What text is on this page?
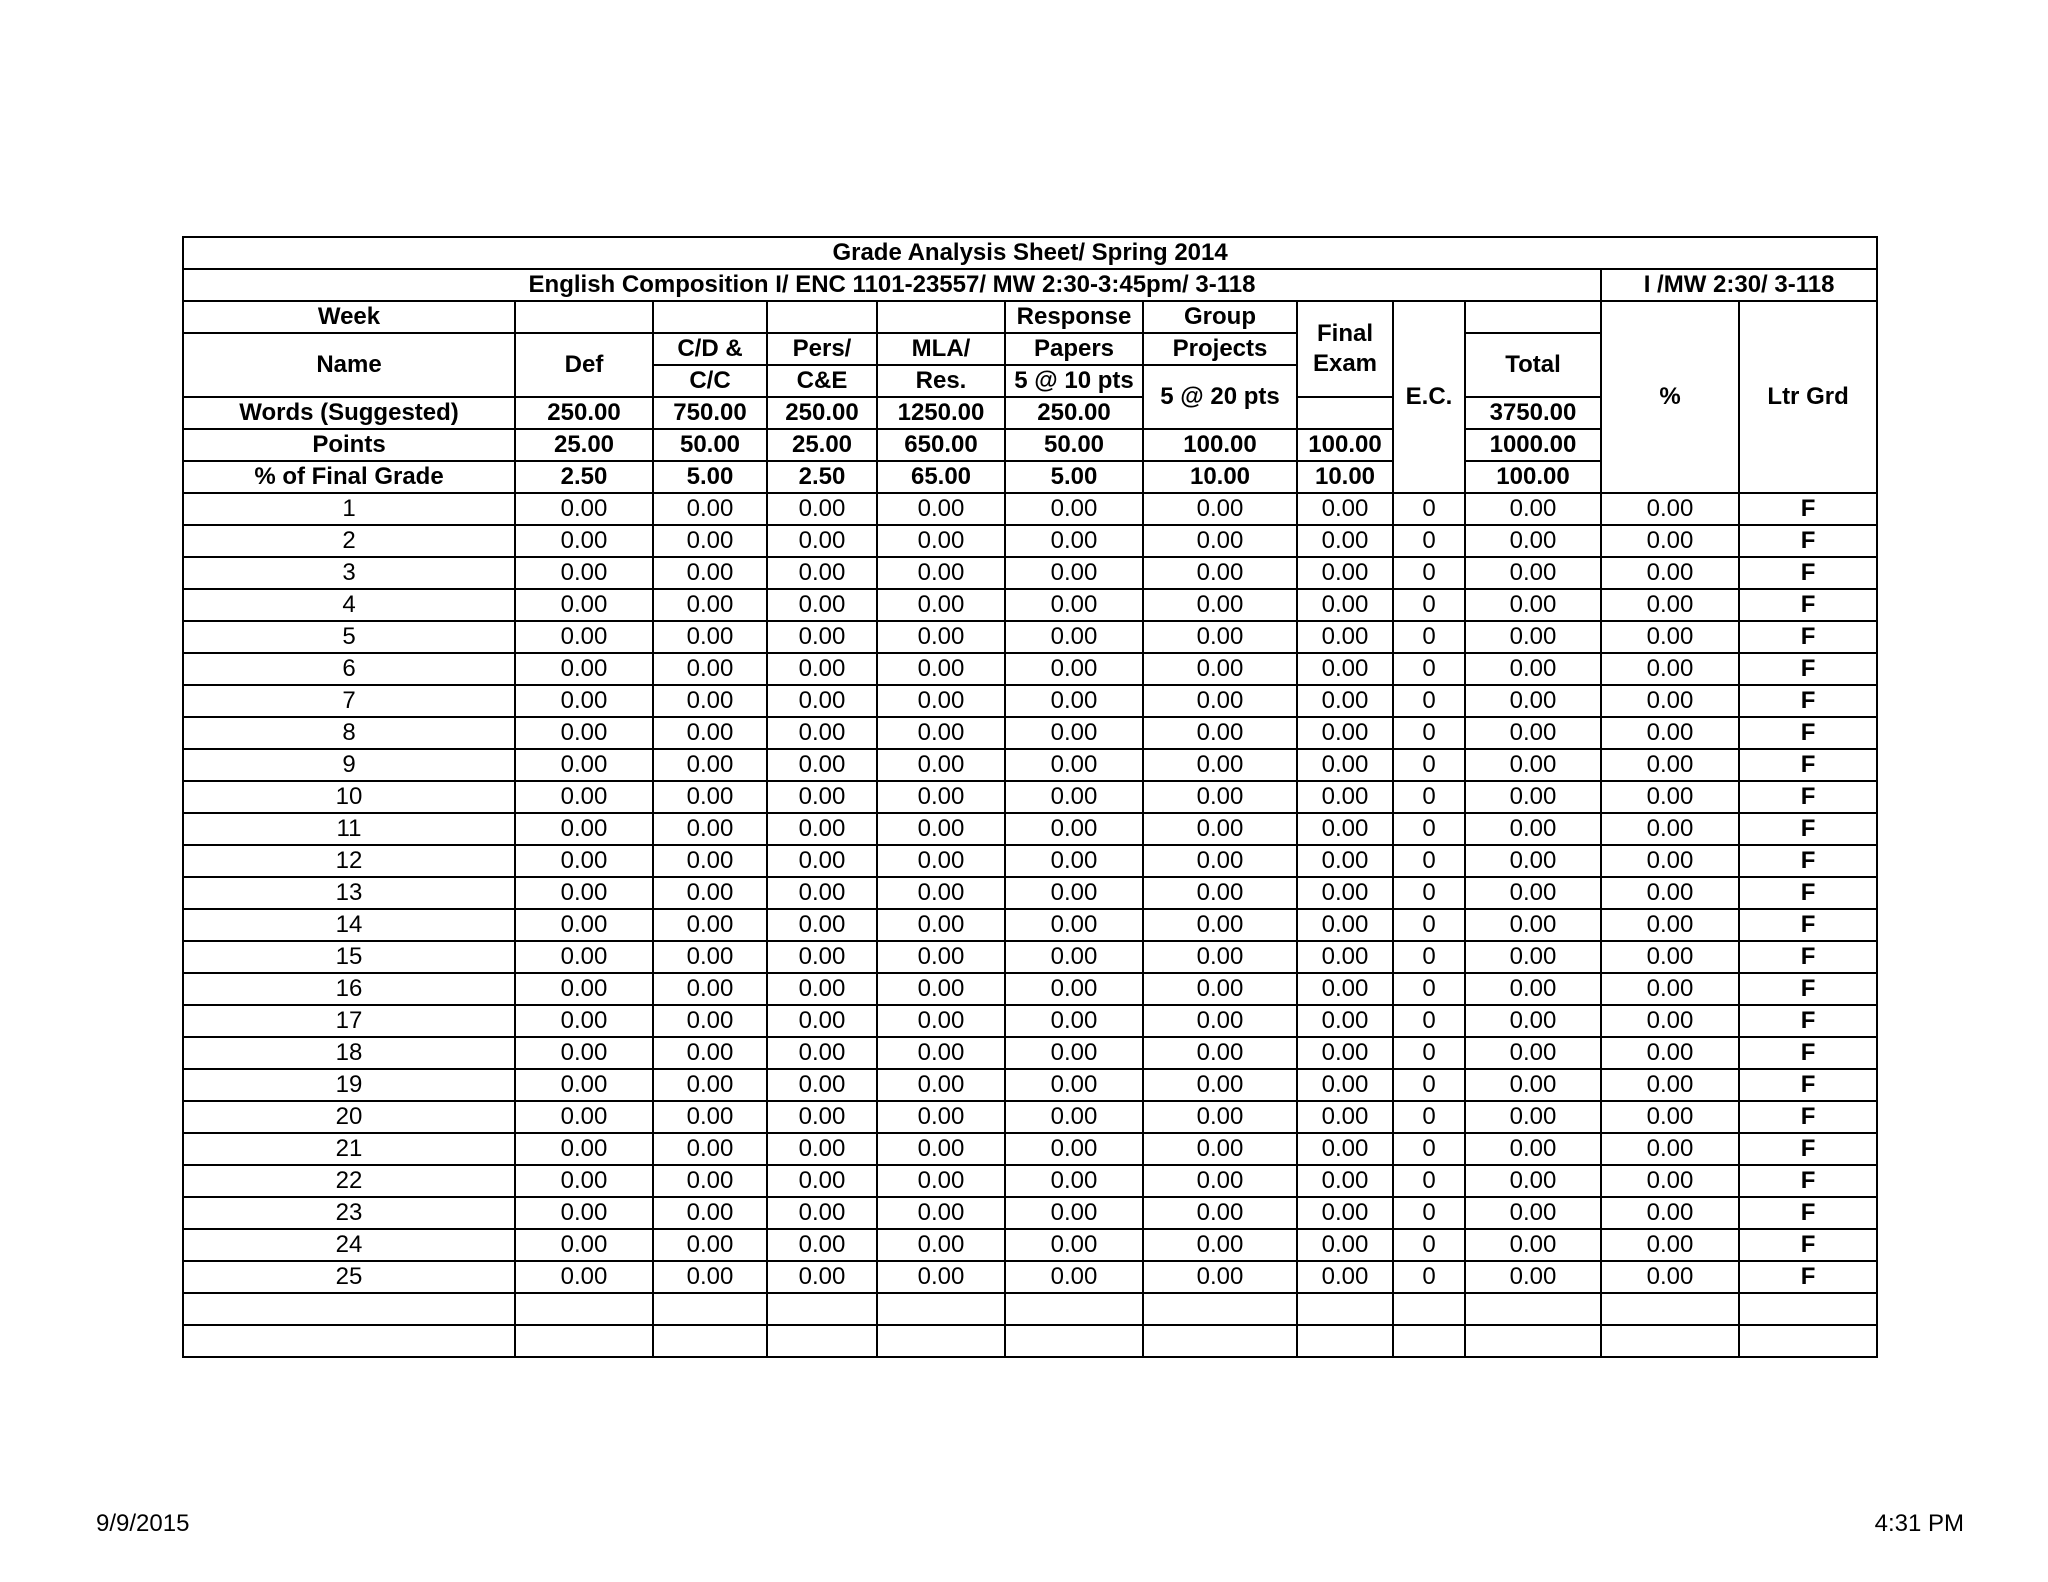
Grade Analysis Sheet/ Spring 2014											
English Composition I/ ENC 1101-23557/ MW 2:30-3:45pm/ 3-118										I /MW 2:30/ 3-118	
Week					Response	Group	Final
Exam	E.C.		%	Ltr Grd
Name	Def	C/D &	Pers/	MLA/	Papers	Projects			Total		
		C/C	C&E	Res.	5 @ 10 pts	5 @ 20 pts					
Words (Suggested)	250.00	750.00	250.00	1250.00	250.00				3750.00		
Points	25.00	50.00	25.00	650.00	50.00	100.00	100.00		1000.00		
% of Final Grade	2.50	5.00	2.50	65.00	5.00	10.00	10.00		100.00		
1	0.00	0.00	0.00	0.00	0.00	0.00	0.00	0	0.00	0.00	F
2	0.00	0.00	0.00	0.00	0.00	0.00	0.00	0	0.00	0.00	F
3	0.00	0.00	0.00	0.00	0.00	0.00	0.00	0	0.00	0.00	F
4	0.00	0.00	0.00	0.00	0.00	0.00	0.00	0	0.00	0.00	F
5	0.00	0.00	0.00	0.00	0.00	0.00	0.00	0	0.00	0.00	F
6	0.00	0.00	0.00	0.00	0.00	0.00	0.00	0	0.00	0.00	F
7	0.00	0.00	0.00	0.00	0.00	0.00	0.00	0	0.00	0.00	F
8	0.00	0.00	0.00	0.00	0.00	0.00	0.00	0	0.00	0.00	F
9	0.00	0.00	0.00	0.00	0.00	0.00	0.00	0	0.00	0.00	F
10	0.00	0.00	0.00	0.00	0.00	0.00	0.00	0	0.00	0.00	F
11	0.00	0.00	0.00	0.00	0.00	0.00	0.00	0	0.00	0.00	F
12	0.00	0.00	0.00	0.00	0.00	0.00	0.00	0	0.00	0.00	F
13	0.00	0.00	0.00	0.00	0.00	0.00	0.00	0	0.00	0.00	F
14	0.00	0.00	0.00	0.00	0.00	0.00	0.00	0	0.00	0.00	F
15	0.00	0.00	0.00	0.00	0.00	0.00	0.00	0	0.00	0.00	F
16	0.00	0.00	0.00	0.00	0.00	0.00	0.00	0	0.00	0.00	F
17	0.00	0.00	0.00	0.00	0.00	0.00	0.00	0	0.00	0.00	F
18	0.00	0.00	0.00	0.00	0.00	0.00	0.00	0	0.00	0.00	F
19	0.00	0.00	0.00	0.00	0.00	0.00	0.00	0	0.00	0.00	F
20	0.00	0.00	0.00	0.00	0.00	0.00	0.00	0	0.00	0.00	F
21	0.00	0.00	0.00	0.00	0.00	0.00	0.00	0	0.00	0.00	F
22	0.00	0.00	0.00	0.00	0.00	0.00	0.00	0	0.00	0.00	F
23	0.00	0.00	0.00	0.00	0.00	0.00	0.00	0	0.00	0.00	F
24	0.00	0.00	0.00	0.00	0.00	0.00	0.00	0	0.00	0.00	F
25	0.00	0.00	0.00	0.00	0.00	0.00	0.00	0	0.00	0.00	F

9/9/2015	4:31 PM
